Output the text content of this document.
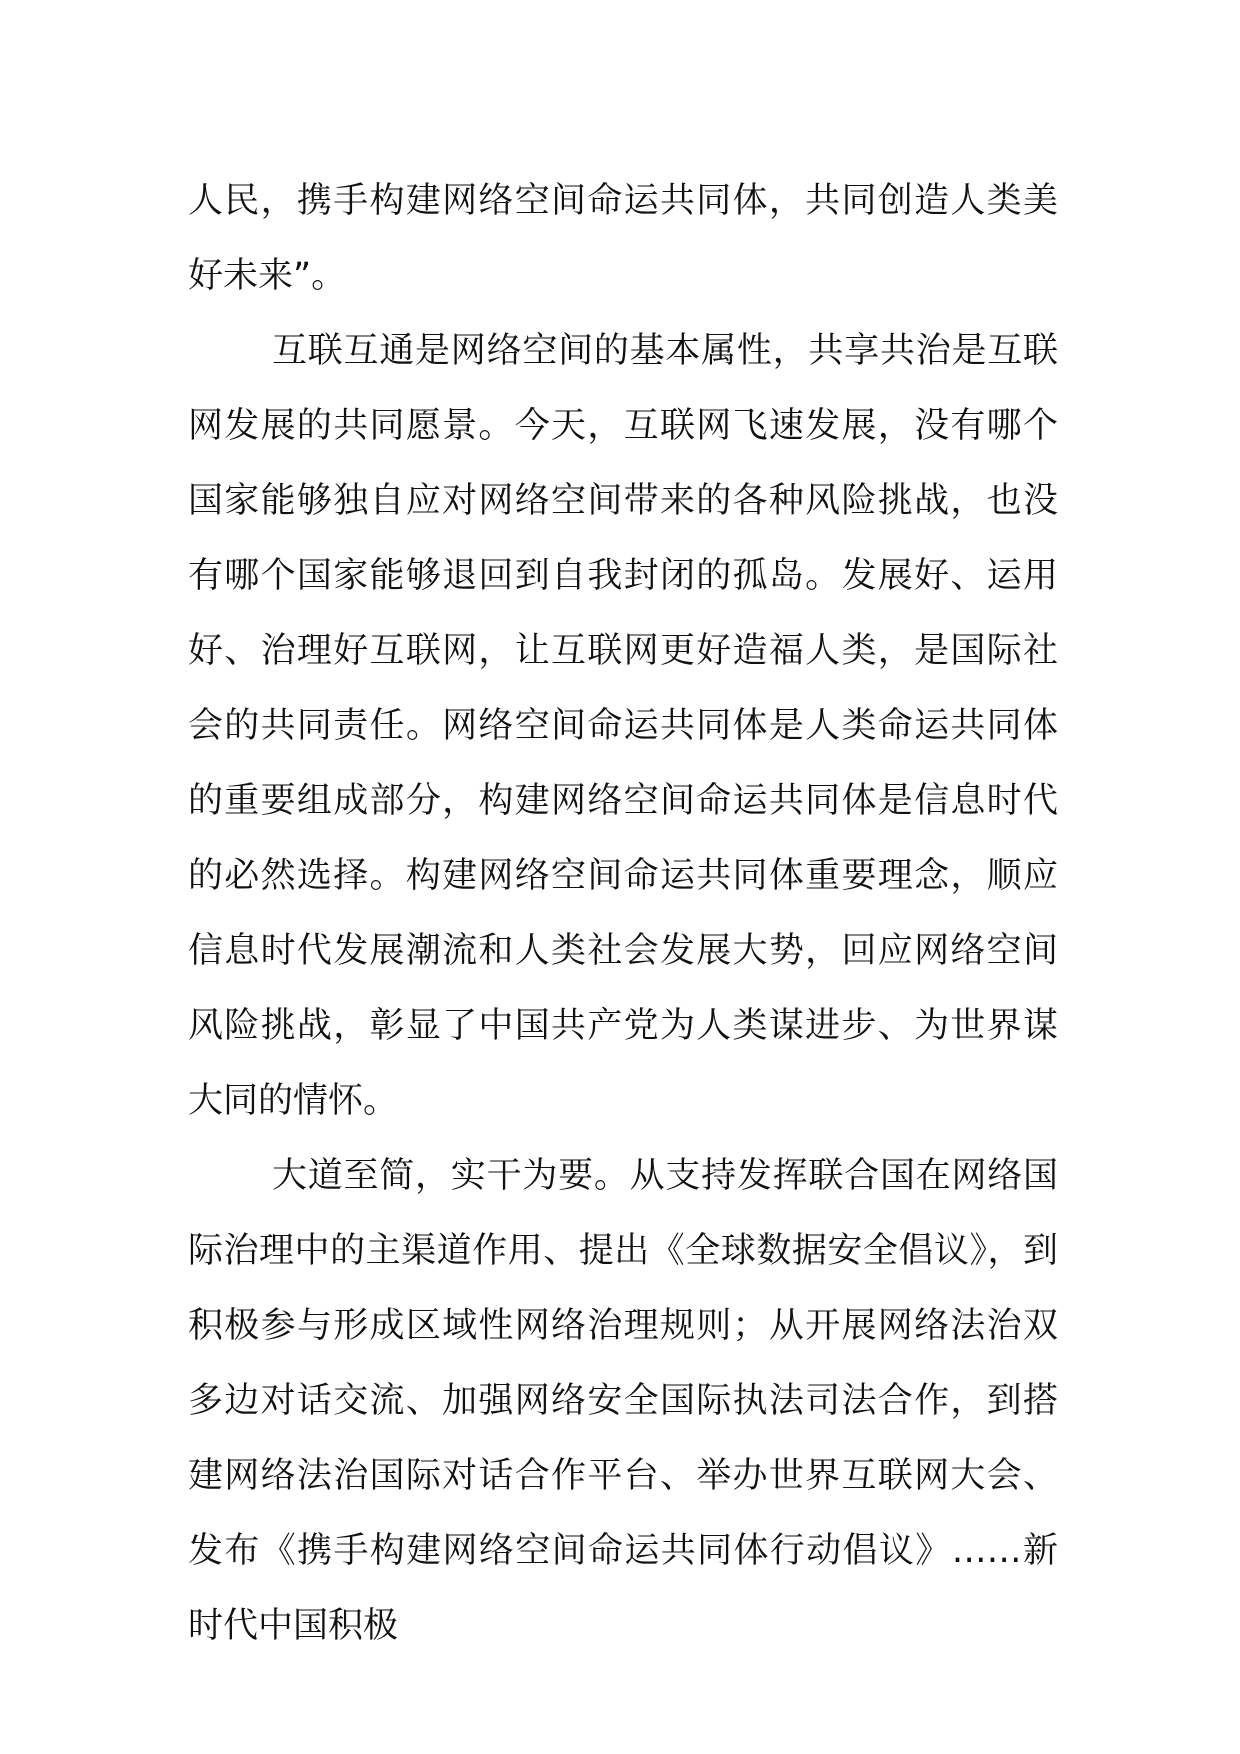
人民，携手构建网络空间命运共同体，共同创造人类美好未来”。

互联互通是网络空间的基本属性，共享共治是互联网发展的共同愿景。今天，互联网飞速发展，没有哪个国家能够独自应对网络空间带来的各种风险挑战，也没有哪个国家能够退回到自我封闭的孤岛。发展好、运用好、治理好互联网，让互联网更好造福人类，是国际社会的共同责任。网络空间命运共同体是人类命运共同体的重要组成部分，构建网络空间命运共同体是信息时代的必然选择。构建网络空间命运共同体重要理念，顺应信息时代发展潮流和人类社会发展大势，回应网络空间风险挑战，彰显了中国共产党为人类谋进步、为世界谋大同的情怀。

大道至简，实干为要。从支持发挥联合国在网络国际治理中的主渠道作用、提出《全球数据安全倡议》，到积极参与形成区域性网络治理规则；从开展网络法治双多边对话交流、加强网络安全国际执法司法合作，到搭建网络法治国际对话合作平台、举办世界互联网大会、发布《携手构建网络空间命运共同体行动倡议》……新时代中国积极
